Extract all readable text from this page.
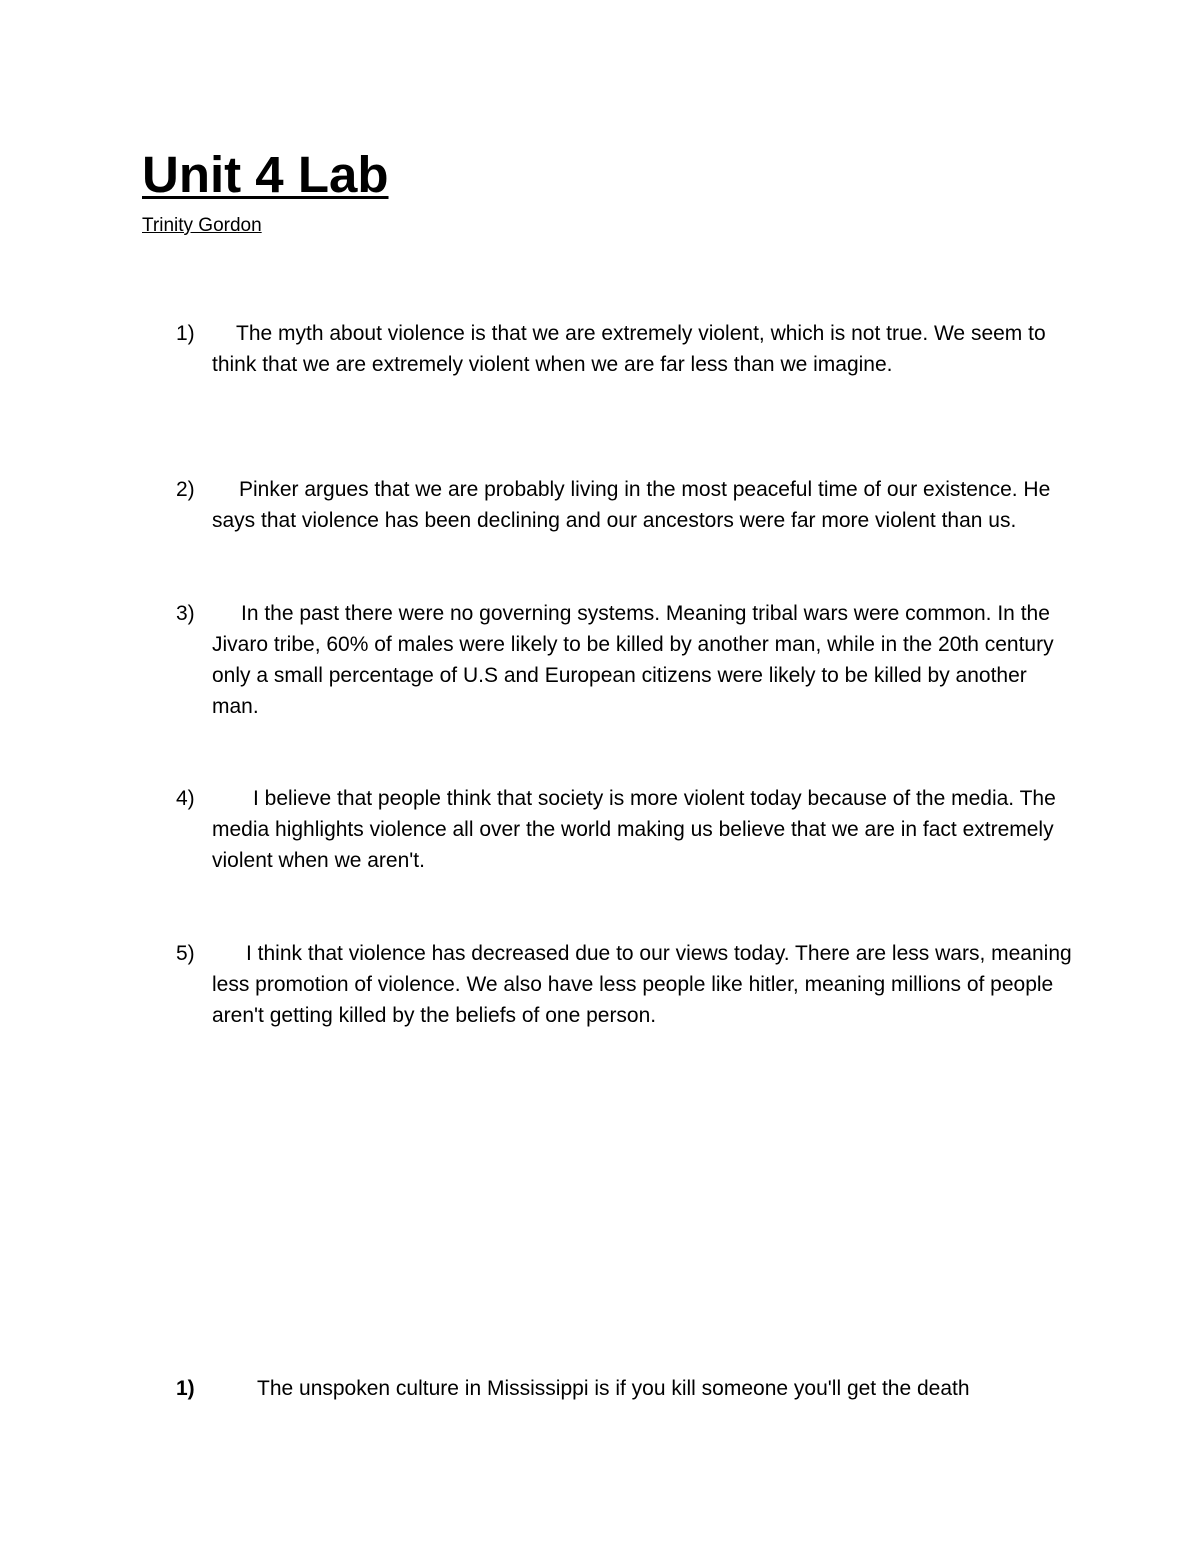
Unit 4 Lab
Trinity Gordon
1)	The myth about violence is that we are extremely violent, which is not true. We seem to think that we are extremely violent when we are far less than we imagine.
2)	Pinker argues that we are probably living in the most peaceful time of our existence. He says that violence has been declining and our ancestors were far more violent than us.
3)	In the past there were no governing systems. Meaning tribal wars were common. In the Jivaro tribe, 60% of males were likely to be killed by another man, while in the 20th century only a small percentage of U.S and European citizens were likely to be killed by another man.
4)	I believe that people think that society is more violent today because of the media. The media highlights violence all over the world making us believe that we are in fact extremely violent when we aren't.
5)	I think that violence has decreased due to our views today. There are less wars, meaning less promotion of violence. We also have less people like hitler, meaning millions of people aren't getting killed by the beliefs of one person.
1)	The unspoken culture in Mississippi is if you kill someone you'll get the death
